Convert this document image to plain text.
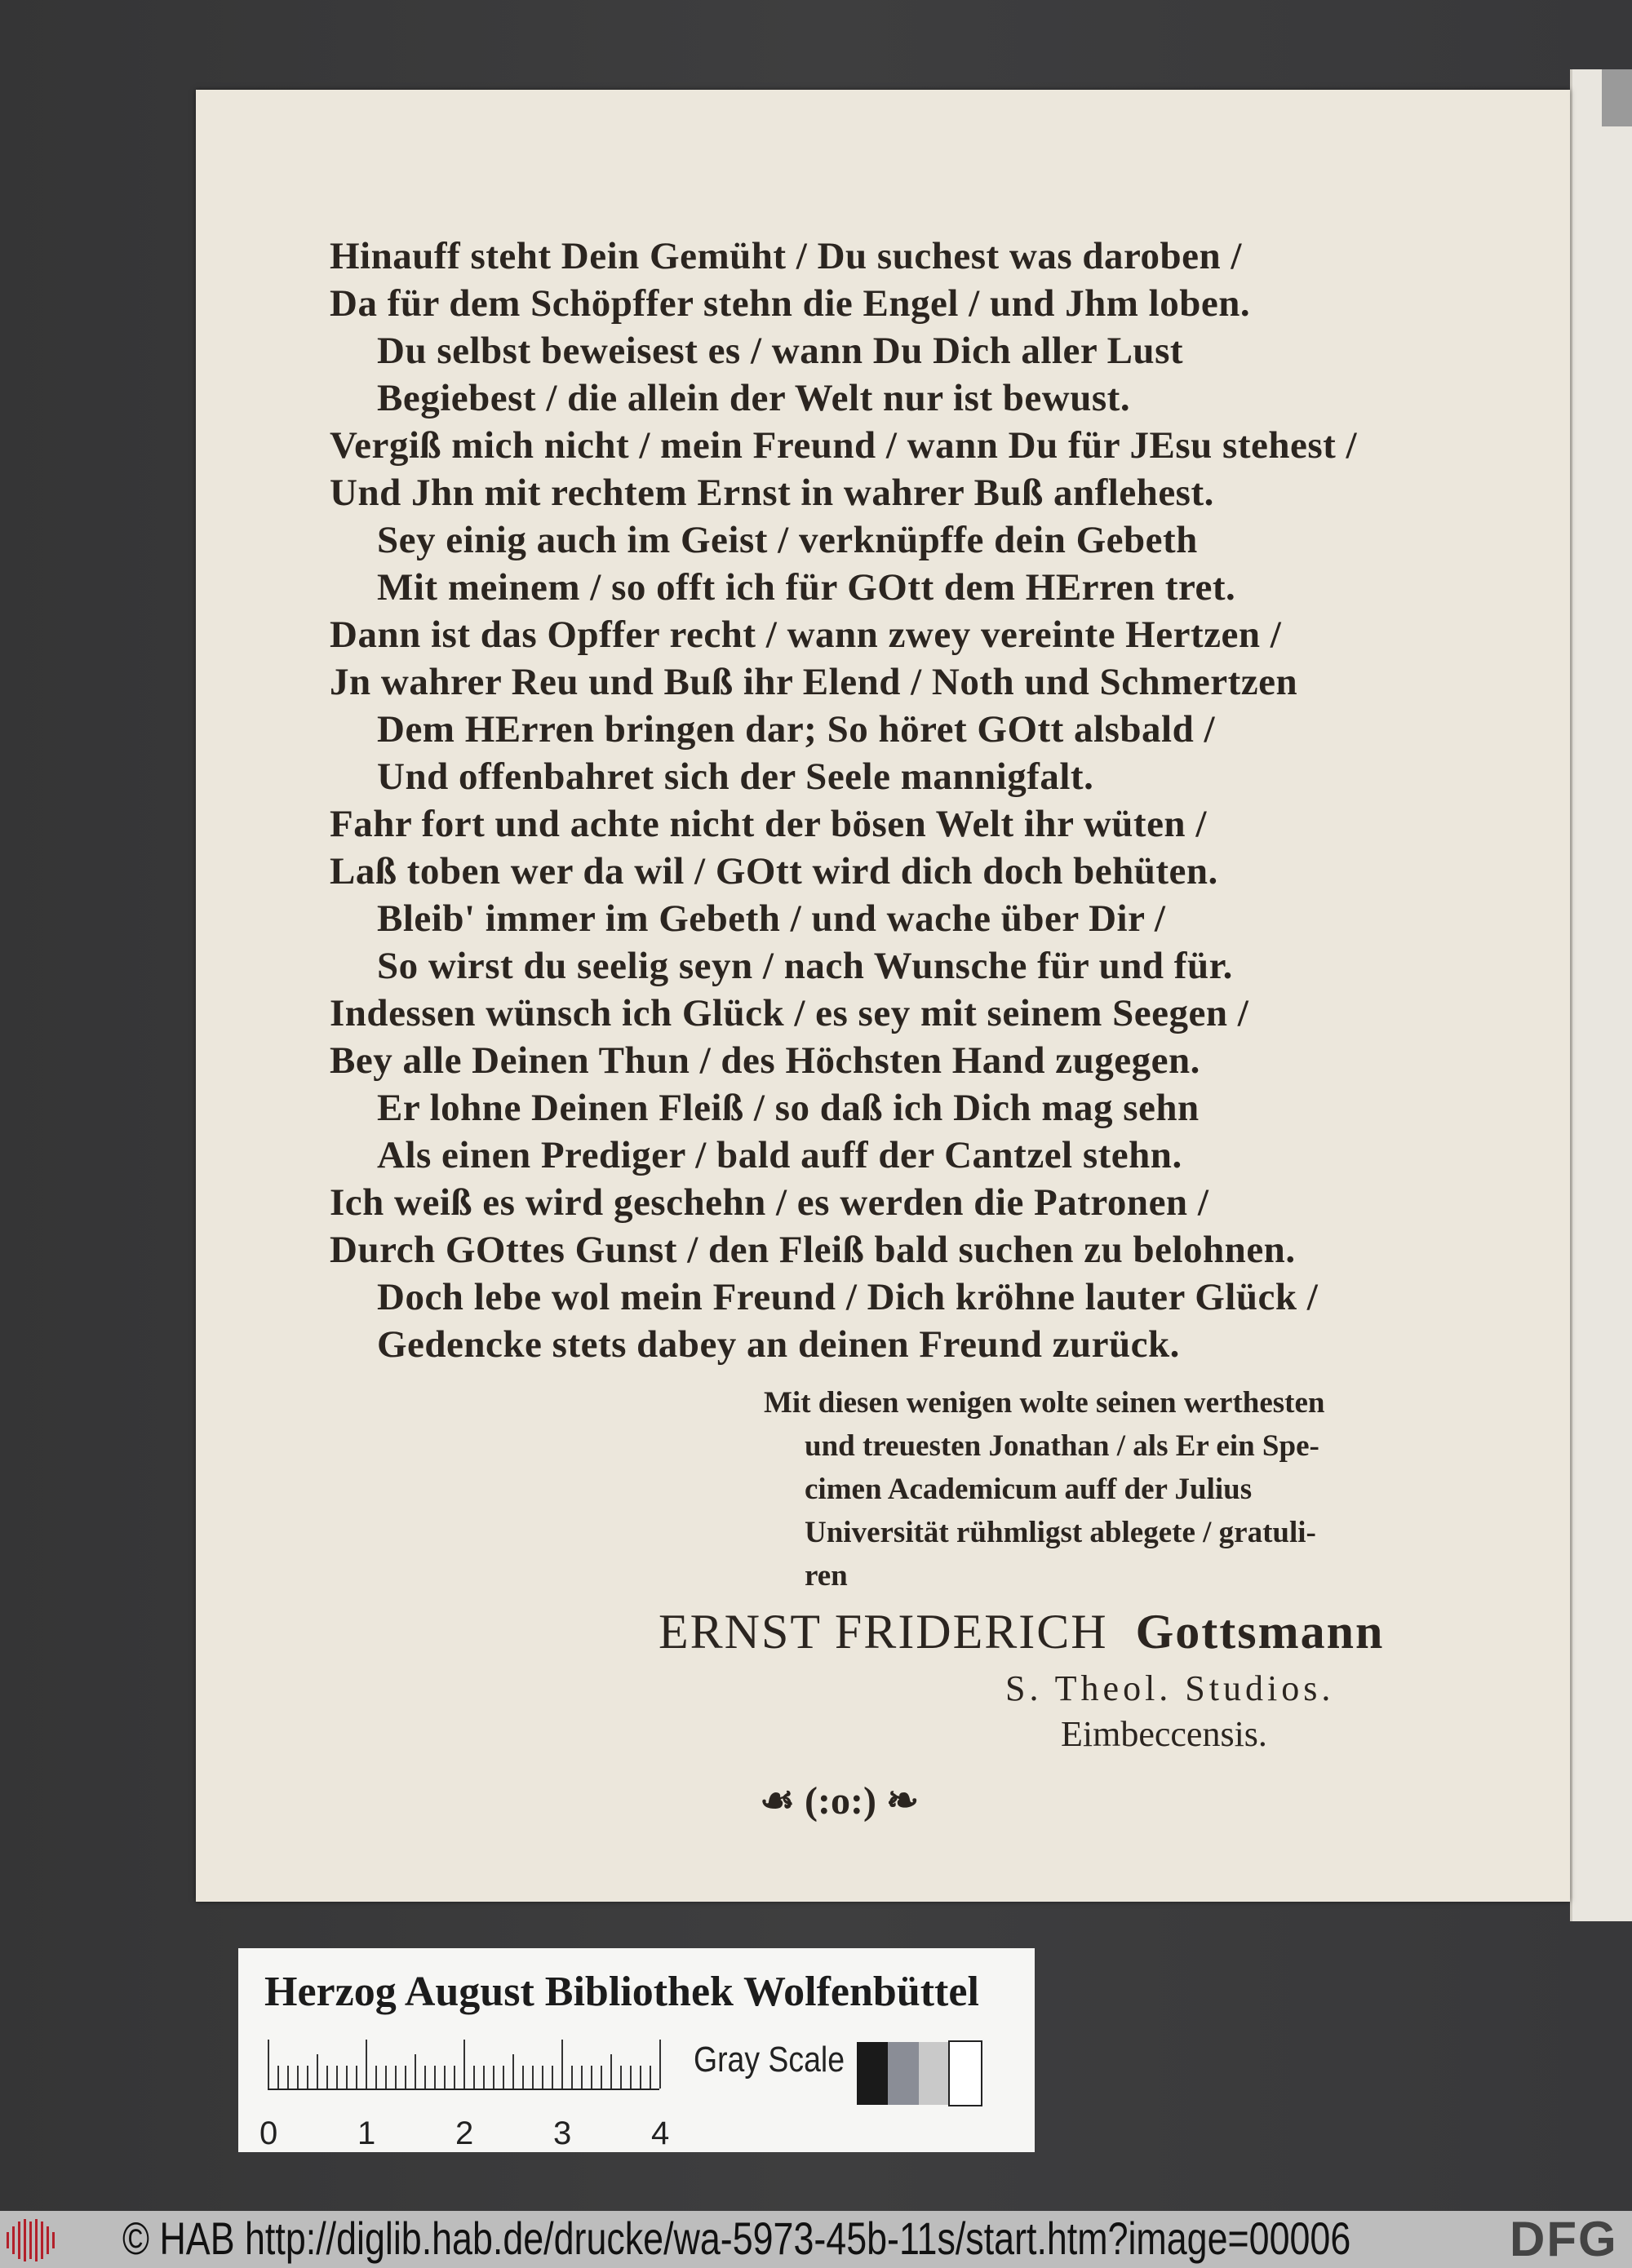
Hinauff steht Dein Gemüht / Du suchest was daroben /
Da für dem Schöpffer stehn die Engel / und Jhm loben.
Du selbst beweisest es / wann Du Dich aller Lust
Begiebest / die allein der Welt nur ist bewust.
Vergiß mich nicht / mein Freund / wann Du für JEsu stehest /
Und Jhn mit rechtem Ernst in wahrer Buß anflehest.
Sey einig auch im Geist / verknüpffe dein Gebeth
Mit meinem / so offt ich für GOtt dem HErren tret.
Dann ist das Opffer recht / wann zwey vereinte Hertzen /
Jn wahrer Reu und Buß ihr Elend / Noth und Schmertzen
Dem HErren bringen dar; So höret GOtt alsbald /
Und offenbahret sich der Seele mannigfalt.
Fahr fort und achte nicht der bösen Welt ihr wüten /
Laß toben wer da wil / GOtt wird dich doch behüten.
Bleib' immer im Gebeth / und wache über Dir /
So wirst du seelig seyn / nach Wunsche für und für.
Indessen wünsch ich Glück / es sey mit seinem Seegen /
Bey alle Deinen Thun / des Höchsten Hand zugegen.
Er lohne Deinen Fleiß / so daß ich Dich mag sehn
Als einen Prediger / bald auff der Cantzel stehn.
Ich weiß es wird geschehn / es werden die Patronen /
Durch GOttes Gunst / den Fleiß bald suchen zu belohnen.
Doch lebe wol mein Freund / Dich kröhne lauter Glück /
Gedencke stets dabey an deinen Freund zurück.
Mit diesen wenigen wolte seinen werthesten
und treuesten Jonathan / als Er ein Spe-
cimen Academicum auff der Julius
Universität rühmligst ablegete / gratuli-
ren
ERNST FRIDERICH Gottsmann
S. Theol. Studios.
Eimbeccensis.
☙ (:o:) ❧
Herzog August Bibliothek Wolfenbüttel
0 1 2 3 4
Gray Scale
© HAB http://diglib.hab.de/drucke/wa-5973-45b-11s/start.htm?image=00006	DFG
